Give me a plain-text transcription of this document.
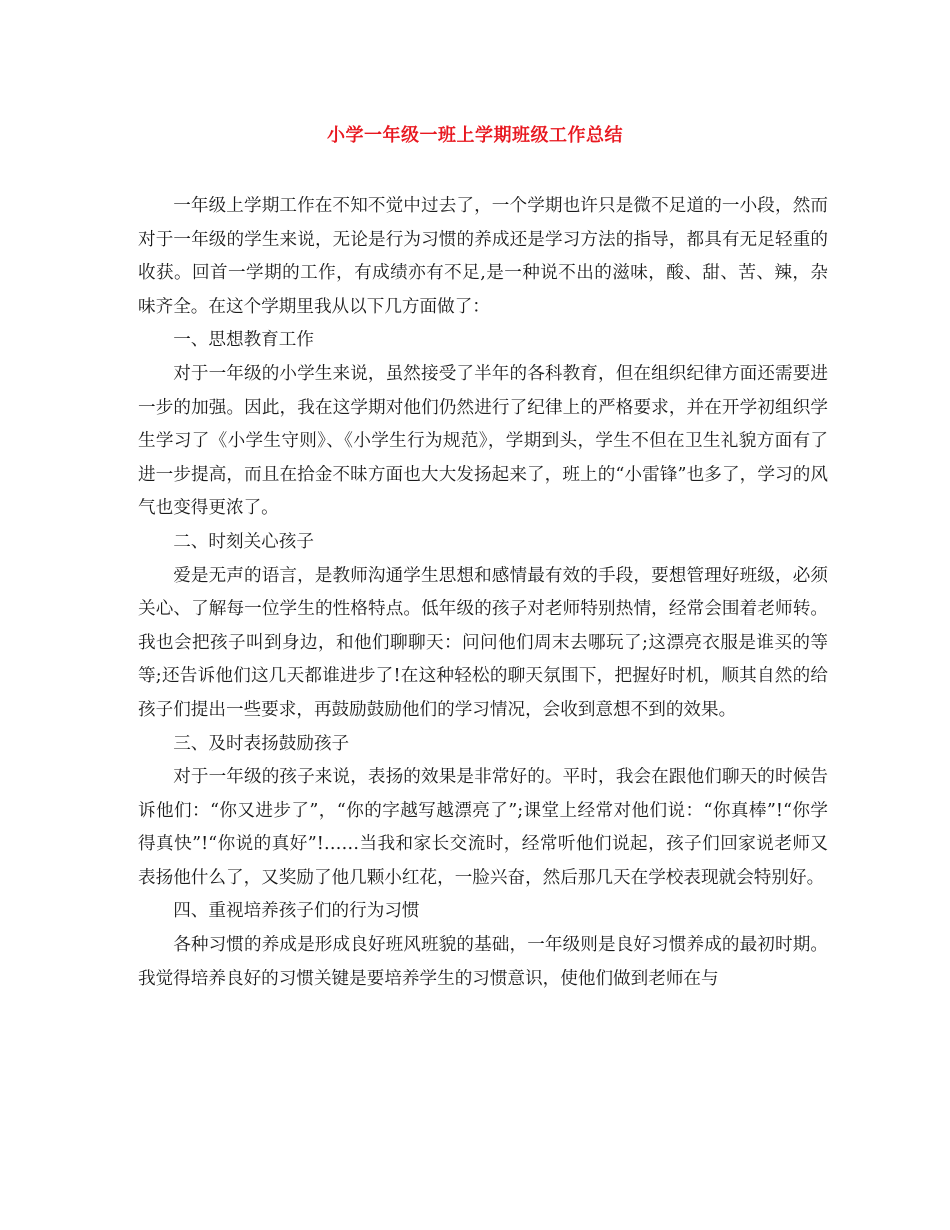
小学一年级一班上学期班级工作总结

一年级上学期工作在不知不觉中过去了，一个学期也许只是微不足道的一小段，然而对于一年级的学生来说，无论是行为习惯的养成还是学习方法的指导，都具有无足轻重的收获。回首一学期的工作，有成绩亦有不足,是一种说不出的滋味，酸、甜、苦、辣，杂味齐全。在这个学期里我从以下几方面做了：

一、思想教育工作

对于一年级的小学生来说，虽然接受了半年的各科教育，但在组织纪律方面还需要进一步的加强。因此，我在这学期对他们仍然进行了纪律上的严格要求，并在开学初组织学生学习了《小学生守则》、《小学生行为规范》，学期到头，学生不但在卫生礼貌方面有了进一步提高，而且在拾金不昧方面也大大发扬起来了，班上的“小雷锋”也多了，学习的风气也变得更浓了。

二、时刻关心孩子

爱是无声的语言，是教师沟通学生思想和感情最有效的手段，要想管理好班级，必须关心、了解每一位学生的性格特点。低年级的孩子对老师特别热情，经常会围着老师转。我也会把孩子叫到身边，和他们聊聊天：问问他们周末去哪玩了;这漂亮衣服是谁买的等等;还告诉他们这几天都谁进步了!在这种轻松的聊天氛围下，把握好时机，顺其自然的给孩子们提出一些要求，再鼓励鼓励他们的学习情况，会收到意想不到的效果。

三、及时表扬鼓励孩子

对于一年级的孩子来说，表扬的效果是非常好的。平时，我会在跟他们聊天的时候告诉他们：“你又进步了”，“你的字越写越漂亮了”;课堂上经常对他们说：“你真棒”!“你学得真快”!“你说的真好”!……当我和家长交流时，经常听他们说起，孩子们回家说老师又表扬他什么了，又奖励了他几颗小红花，一脸兴奋，然后那几天在学校表现就会特别好。

四、重视培养孩子们的行为习惯

各种习惯的养成是形成良好班风班貌的基础，一年级则是良好习惯养成的最初时期。我觉得培养良好的习惯关键是要培养学生的习惯意识，使他们做到老师在与
